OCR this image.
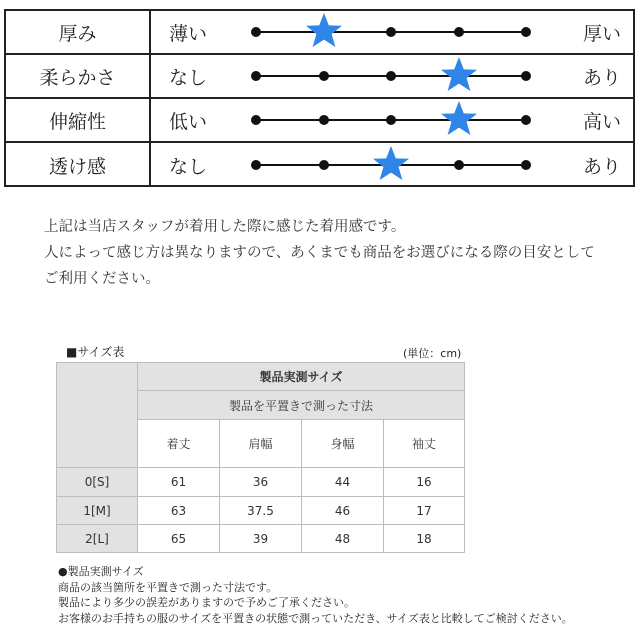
厚み	薄い	厚い
柔らかさ	なし	あり
伸縮性	低い	高い
透け感	なし	あり

上記は当店スタッフが着用した際に感じた着用感です。

人によって感じ方は異なりますので、あくまでも商品をお選びになる際の目安として

ご利用ください。

■サイズ表	(単位：cm)
	製品実測サイズ			
	製品を平置きで測った寸法			
	着丈	肩幅	身幅	袖丈
0[S]	61	36	44	16
1[M]	63	37.5	46	17
2[L]	65	39	48	18

●製品実測サイズ

商品の該当箇所を平置きで測った寸法です。

製品により多少の誤差がありますので予めご了承ください。

お客様のお手持ちの服のサイズを平置きの状態で測っていただき、サイズ表と比較してご検討ください。
